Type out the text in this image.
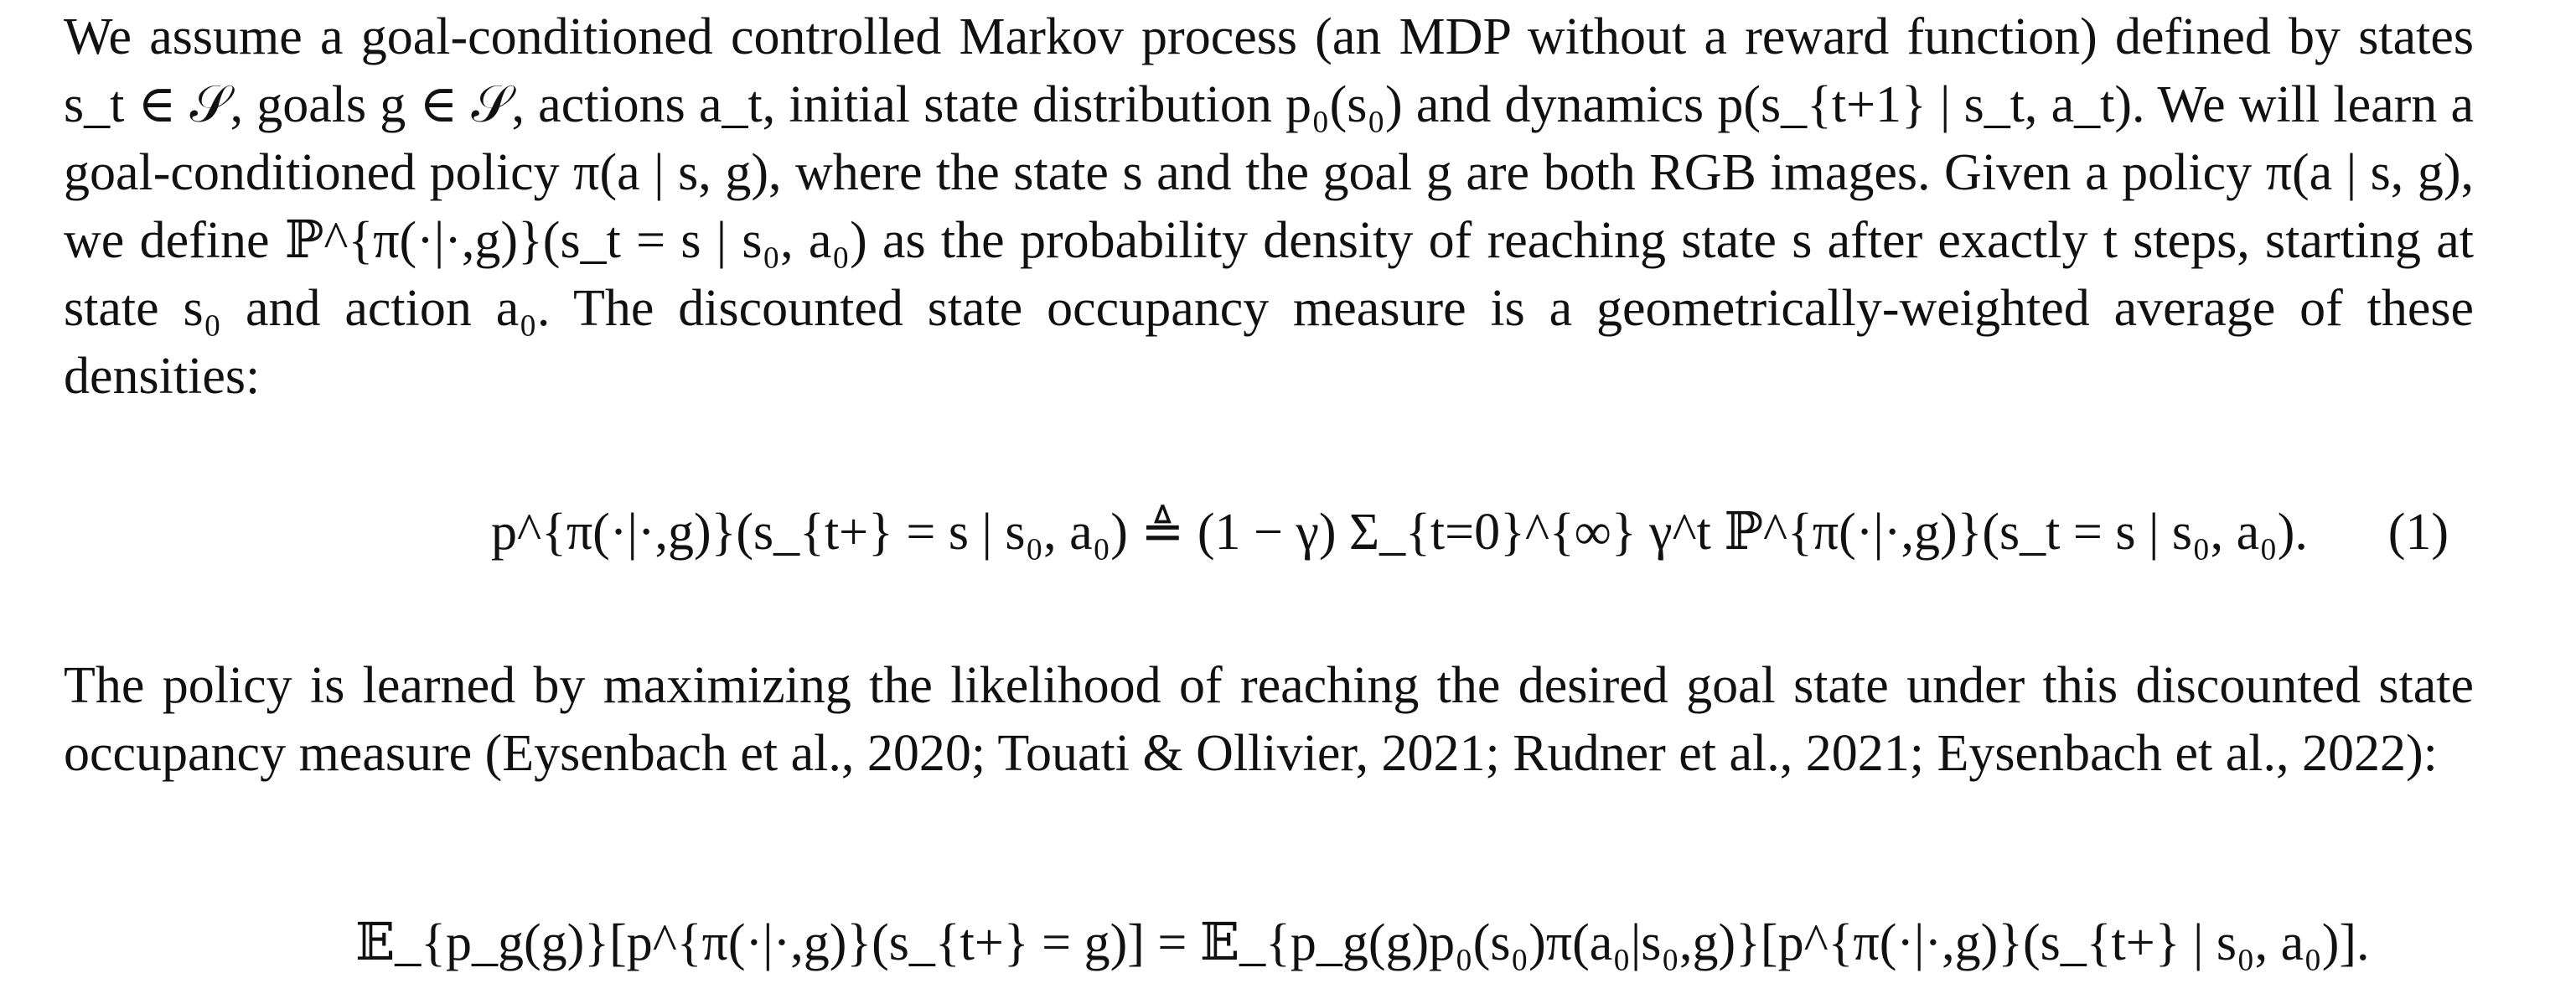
We assume a goal-conditioned controlled Markov process (an MDP without a reward function) defined by states s_t ∈ 𝒮, goals g ∈ 𝒮, actions a_t, initial state distribution p₀(s₀) and dynamics p(s_{t+1} | s_t, a_t). We will learn a goal-conditioned policy π(a | s, g), where the state s and the goal g are both RGB images. Given a policy π(a | s, g), we define ℙ^{π(·|·,g)}(s_t = s | s₀, a₀) as the probability density of reaching state s after exactly t steps, starting at state s₀ and action a₀. The discounted state occupancy measure is a geometrically-weighted average of these densities:
p^{π(·|·,g)}(s_{t+} = s | s₀, a₀) ≜ (1 − γ) Σ_{t=0}^{∞} γ^t ℙ^{π(·|·,g)}(s_t = s | s₀, a₀). (1)
The policy is learned by maximizing the likelihood of reaching the desired goal state under this discounted state occupancy measure (Eysenbach et al., 2020; Touati & Ollivier, 2021; Rudner et al., 2021; Eysenbach et al., 2022):
𝔼_{p_g(g)}[p^{π(·|·,g)}(s_{t+} = g)] = 𝔼_{p_g(g)p₀(s₀)π(a₀|s₀,g)}[p^{π(·|·,g)}(s_{t+} | s₀, a₀)].
